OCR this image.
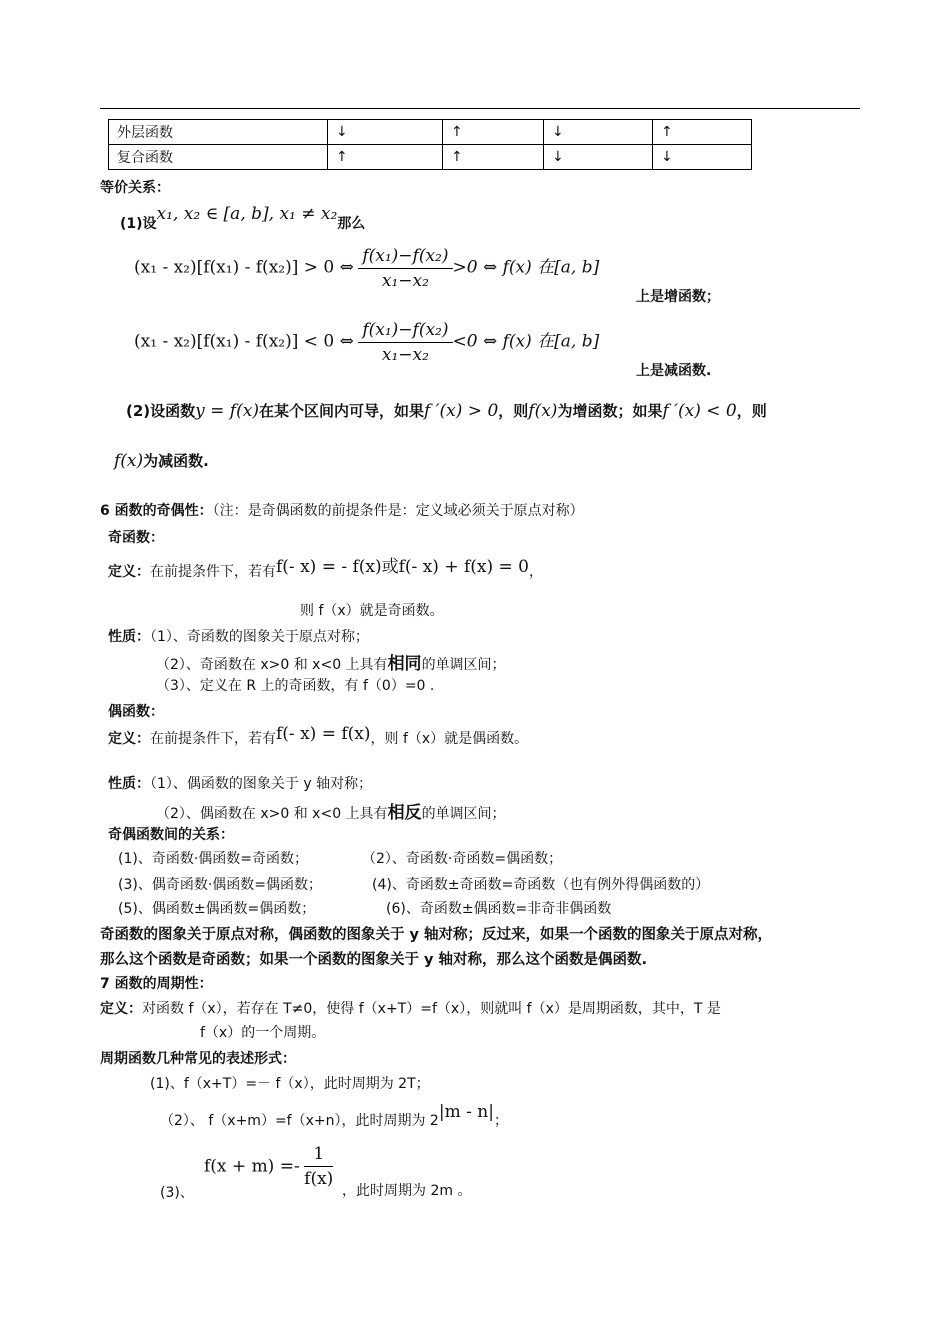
外层函数	↓	↑	↓	↑
复合函数	↑	↑	↓	↓
等价关系：
(1)设x₁, x₂ ∈ [a, b], x₁ ≠ x₂那么
(x₁ - x₂)[f(x₁) - f(x₂)] > 0 ⇔ $\frac{\text{f(x₁)−f(x₂)}}{\text{x₁−x₂}} >0$ ⇔ f(x) 在[a, b]
上是增函数；
(x₁ - x₂)[f(x₁) - f(x₂)] < 0 ⇔ $\frac{\text{f(x₁)−f(x₂)}}{\text{x₁−x₂}} <0$ ⇔ f(x) 在[a, b]
上是减函数.
(2)设函数y = f(x)在某个区间内可导，如果f ′(x) > 0，则f(x)为增函数；如果f ′(x) < 0，则
f(x)为减函数.
6 函数的奇偶性：（注：是奇偶函数的前提条件是：定义域必须关于原点对称）
奇函数：
定义：在前提条件下，若有f(- x) = - f(x)或f(- x) + f(x) = 0，
则 f（x）就是奇函数。
性质：（1）、奇函数的图象关于原点对称；
（2）、奇函数在 x>0 和 x<0 上具有相同的单调区间；
（3）、定义在 R 上的奇函数，有 f（0）=0 .
偶函数：
定义：在前提条件下，若有f(- x) = f(x)，则 f（x）就是偶函数。
性质：（1）、偶函数的图象关于 y 轴对称；
（2）、偶函数在 x>0 和 x<0 上具有相反的单调区间；
奇偶函数间的关系：
(1)、奇函数·偶函数=奇函数；	（2）、奇函数·奇函数=偶函数；
(3)、偶奇函数·偶函数=偶函数；	(4)、奇函数±奇函数=奇函数（也有例外得偶函数的）
(5)、偶函数±偶函数=偶函数；	(6)、奇函数±偶函数=非奇非偶函数
奇函数的图象关于原点对称，偶函数的图象关于 y 轴对称；反过来，如果一个函数的图象关于原点对称，
那么这个函数是奇函数；如果一个函数的图象关于 y 轴对称，那么这个函数是偶函数.
7 函数的周期性：
定义：对函数 f（x），若存在 T≠0，使得 f（x+T）=f（x），则就叫 f（x）是周期函数，其中，T 是
f（x）的一个周期。
周期函数几种常见的表述形式：
(1)、f（x+T）=－ f（x），此时周期为 2T；
（2）、 f（x+m）=f（x+n），此时周期为 2|m - n|；
$f(x + m) =- \frac{1}{f(x)}$
(3)、	，此时周期为 2m 。
